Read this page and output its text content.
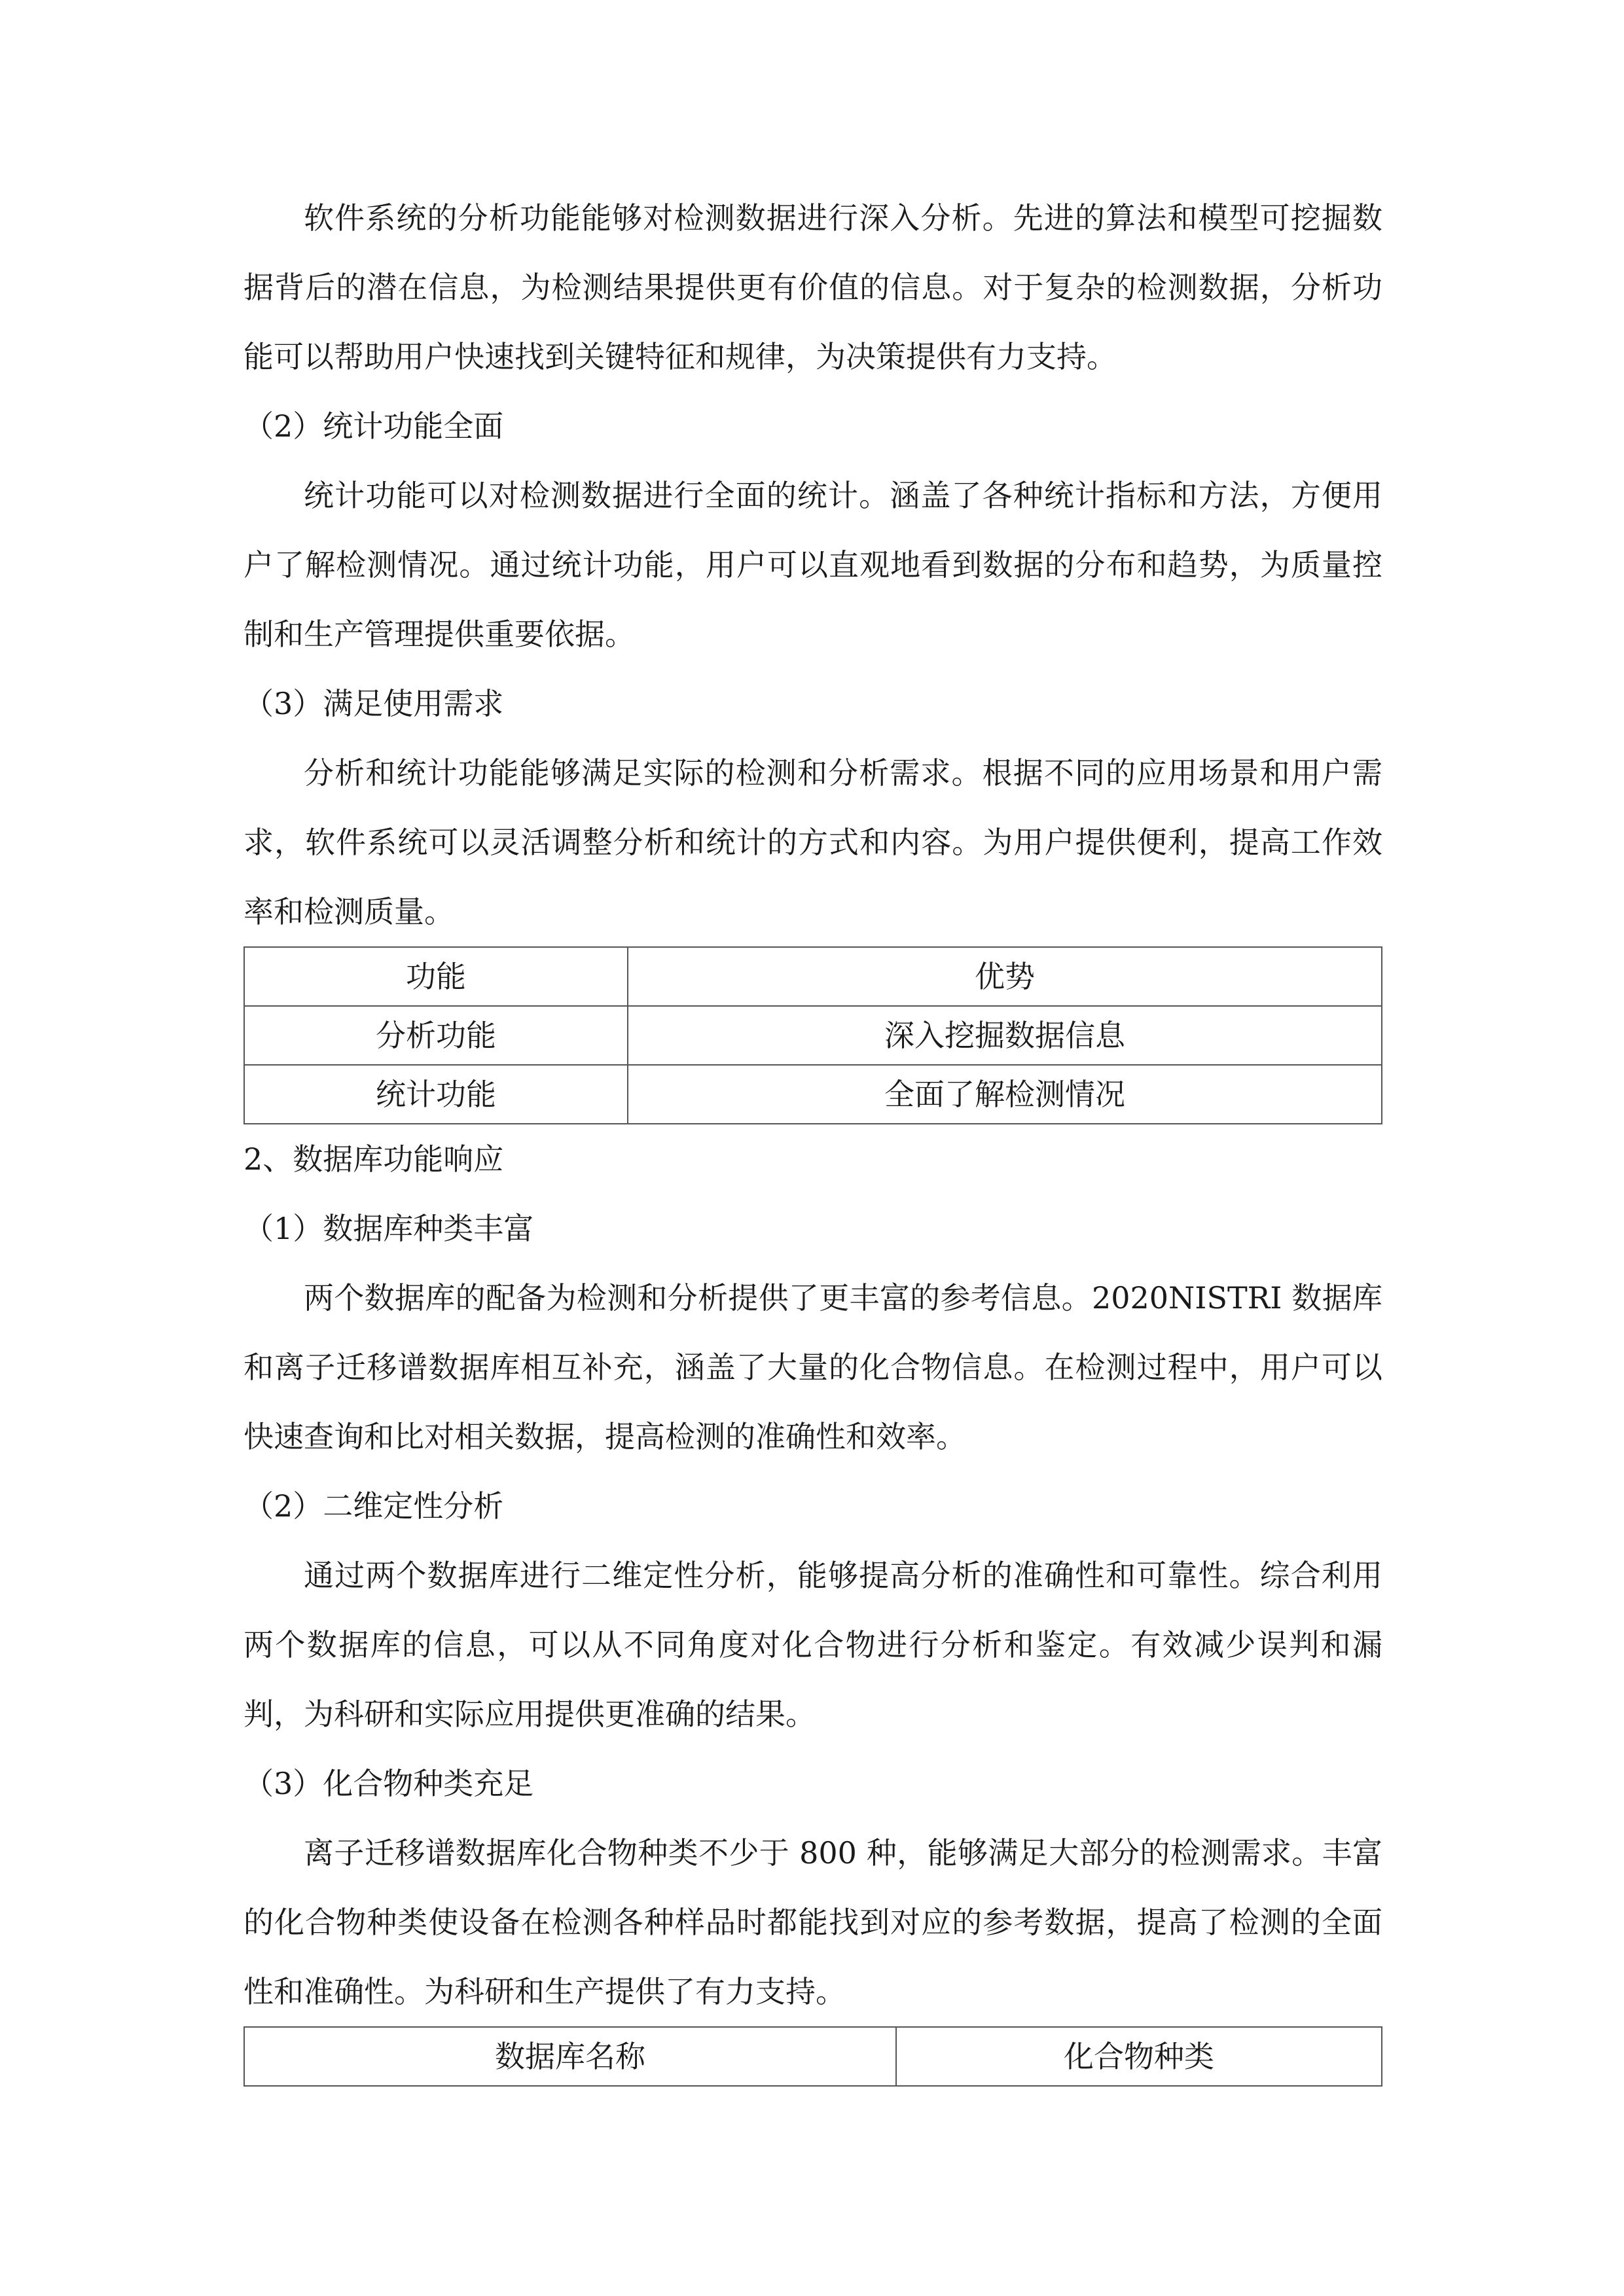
软件系统的分析功能能够对检测数据进行深入分析。先进的算法和模型可挖掘数据背后的潜在信息，为检测结果提供更有价值的信息。对于复杂的检测数据，分析功能可以帮助用户快速找到关键特征和规律，为决策提供有力支持。

（2）统计功能全面

统计功能可以对检测数据进行全面的统计。涵盖了各种统计指标和方法，方便用户了解检测情况。通过统计功能，用户可以直观地看到数据的分布和趋势，为质量控制和生产管理提供重要依据。

（3）满足使用需求

分析和统计功能能够满足实际的检测和分析需求。根据不同的应用场景和用户需求，软件系统可以灵活调整分析和统计的方式和内容。为用户提供便利，提高工作效率和检测质量。

功能	优势
分析功能	深入挖掘数据信息
统计功能	全面了解检测情况

2、数据库功能响应

（1）数据库种类丰富

两个数据库的配备为检测和分析提供了更丰富的参考信息。2020NISTRI 数据库和离子迁移谱数据库相互补充，涵盖了大量的化合物信息。在检测过程中，用户可以快速查询和比对相关数据，提高检测的准确性和效率。

（2）二维定性分析

通过两个数据库进行二维定性分析，能够提高分析的准确性和可靠性。综合利用两个数据库的信息，可以从不同角度对化合物进行分析和鉴定。有效减少误判和漏判，为科研和实际应用提供更准确的结果。

（3）化合物种类充足

离子迁移谱数据库化合物种类不少于 800 种，能够满足大部分的检测需求。丰富的化合物种类使设备在检测各种样品时都能找到对应的参考数据，提高了检测的全面性和准确性。为科研和生产提供了有力支持。

数据库名称	化合物种类
